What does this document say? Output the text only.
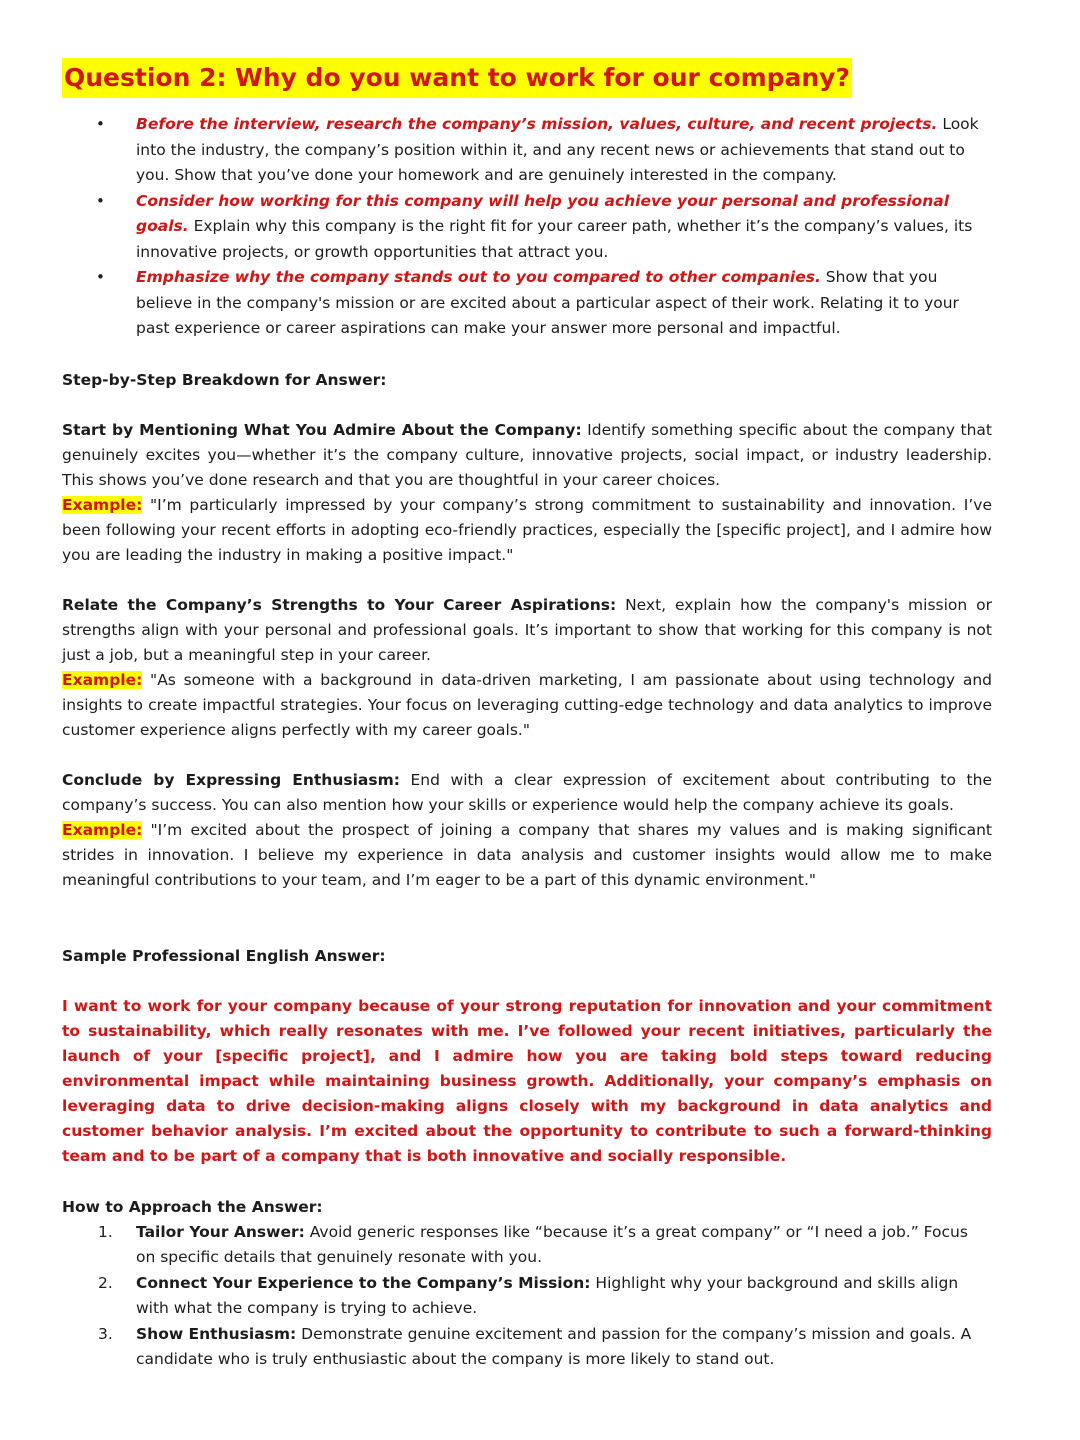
Question 2: Why do you want to work for our company?
• Before the interview, research the company’s mission, values, culture, and recent projects. Look into the industry, the company’s position within it, and any recent news or achievements that stand out to you. Show that you’ve done your homework and are genuinely interested in the company.
• Consider how working for this company will help you achieve your personal and professional goals. Explain why this company is the right fit for your career path, whether it’s the company’s values, its innovative projects, or growth opportunities that attract you.
• Emphasize why the company stands out to you compared to other companies. Show that you believe in the company's mission or are excited about a particular aspect of their work. Relating it to your past experience or career aspirations can make your answer more personal and impactful.
Step-by-Step Breakdown for Answer:
Start by Mentioning What You Admire About the Company: Identify something specific about the company that genuinely excites you—whether it’s the company culture, innovative projects, social impact, or industry leadership. This shows you’ve done research and that you are thoughtful in your career choices.
Example: "I’m particularly impressed by your company’s strong commitment to sustainability and innovation. I’ve been following your recent efforts in adopting eco-friendly practices, especially the [specific project], and I admire how you are leading the industry in making a positive impact."
Relate the Company’s Strengths to Your Career Aspirations: Next, explain how the company's mission or strengths align with your personal and professional goals. It’s important to show that working for this company is not just a job, but a meaningful step in your career.
Example: "As someone with a background in data-driven marketing, I am passionate about using technology and insights to create impactful strategies. Your focus on leveraging cutting-edge technology and data analytics to improve customer experience aligns perfectly with my career goals."
Conclude by Expressing Enthusiasm: End with a clear expression of excitement about contributing to the company’s success. You can also mention how your skills or experience would help the company achieve its goals.
Example: "I’m excited about the prospect of joining a company that shares my values and is making significant strides in innovation. I believe my experience in data analysis and customer insights would allow me to make meaningful contributions to your team, and I’m eager to be a part of this dynamic environment."
Sample Professional English Answer:
I want to work for your company because of your strong reputation for innovation and your commitment to sustainability, which really resonates with me. I’ve followed your recent initiatives, particularly the launch of your [specific project], and I admire how you are taking bold steps toward reducing environmental impact while maintaining business growth. Additionally, your company’s emphasis on leveraging data to drive decision-making aligns closely with my background in data analytics and customer behavior analysis. I’m excited about the opportunity to contribute to such a forward-thinking team and to be part of a company that is both innovative and socially responsible.
How to Approach the Answer:
1. Tailor Your Answer: Avoid generic responses like “because it’s a great company” or “I need a job.” Focus on specific details that genuinely resonate with you.
2. Connect Your Experience to the Company’s Mission: Highlight why your background and skills align with what the company is trying to achieve.
3. Show Enthusiasm: Demonstrate genuine excitement and passion for the company’s mission and goals. A candidate who is truly enthusiastic about the company is more likely to stand out.
